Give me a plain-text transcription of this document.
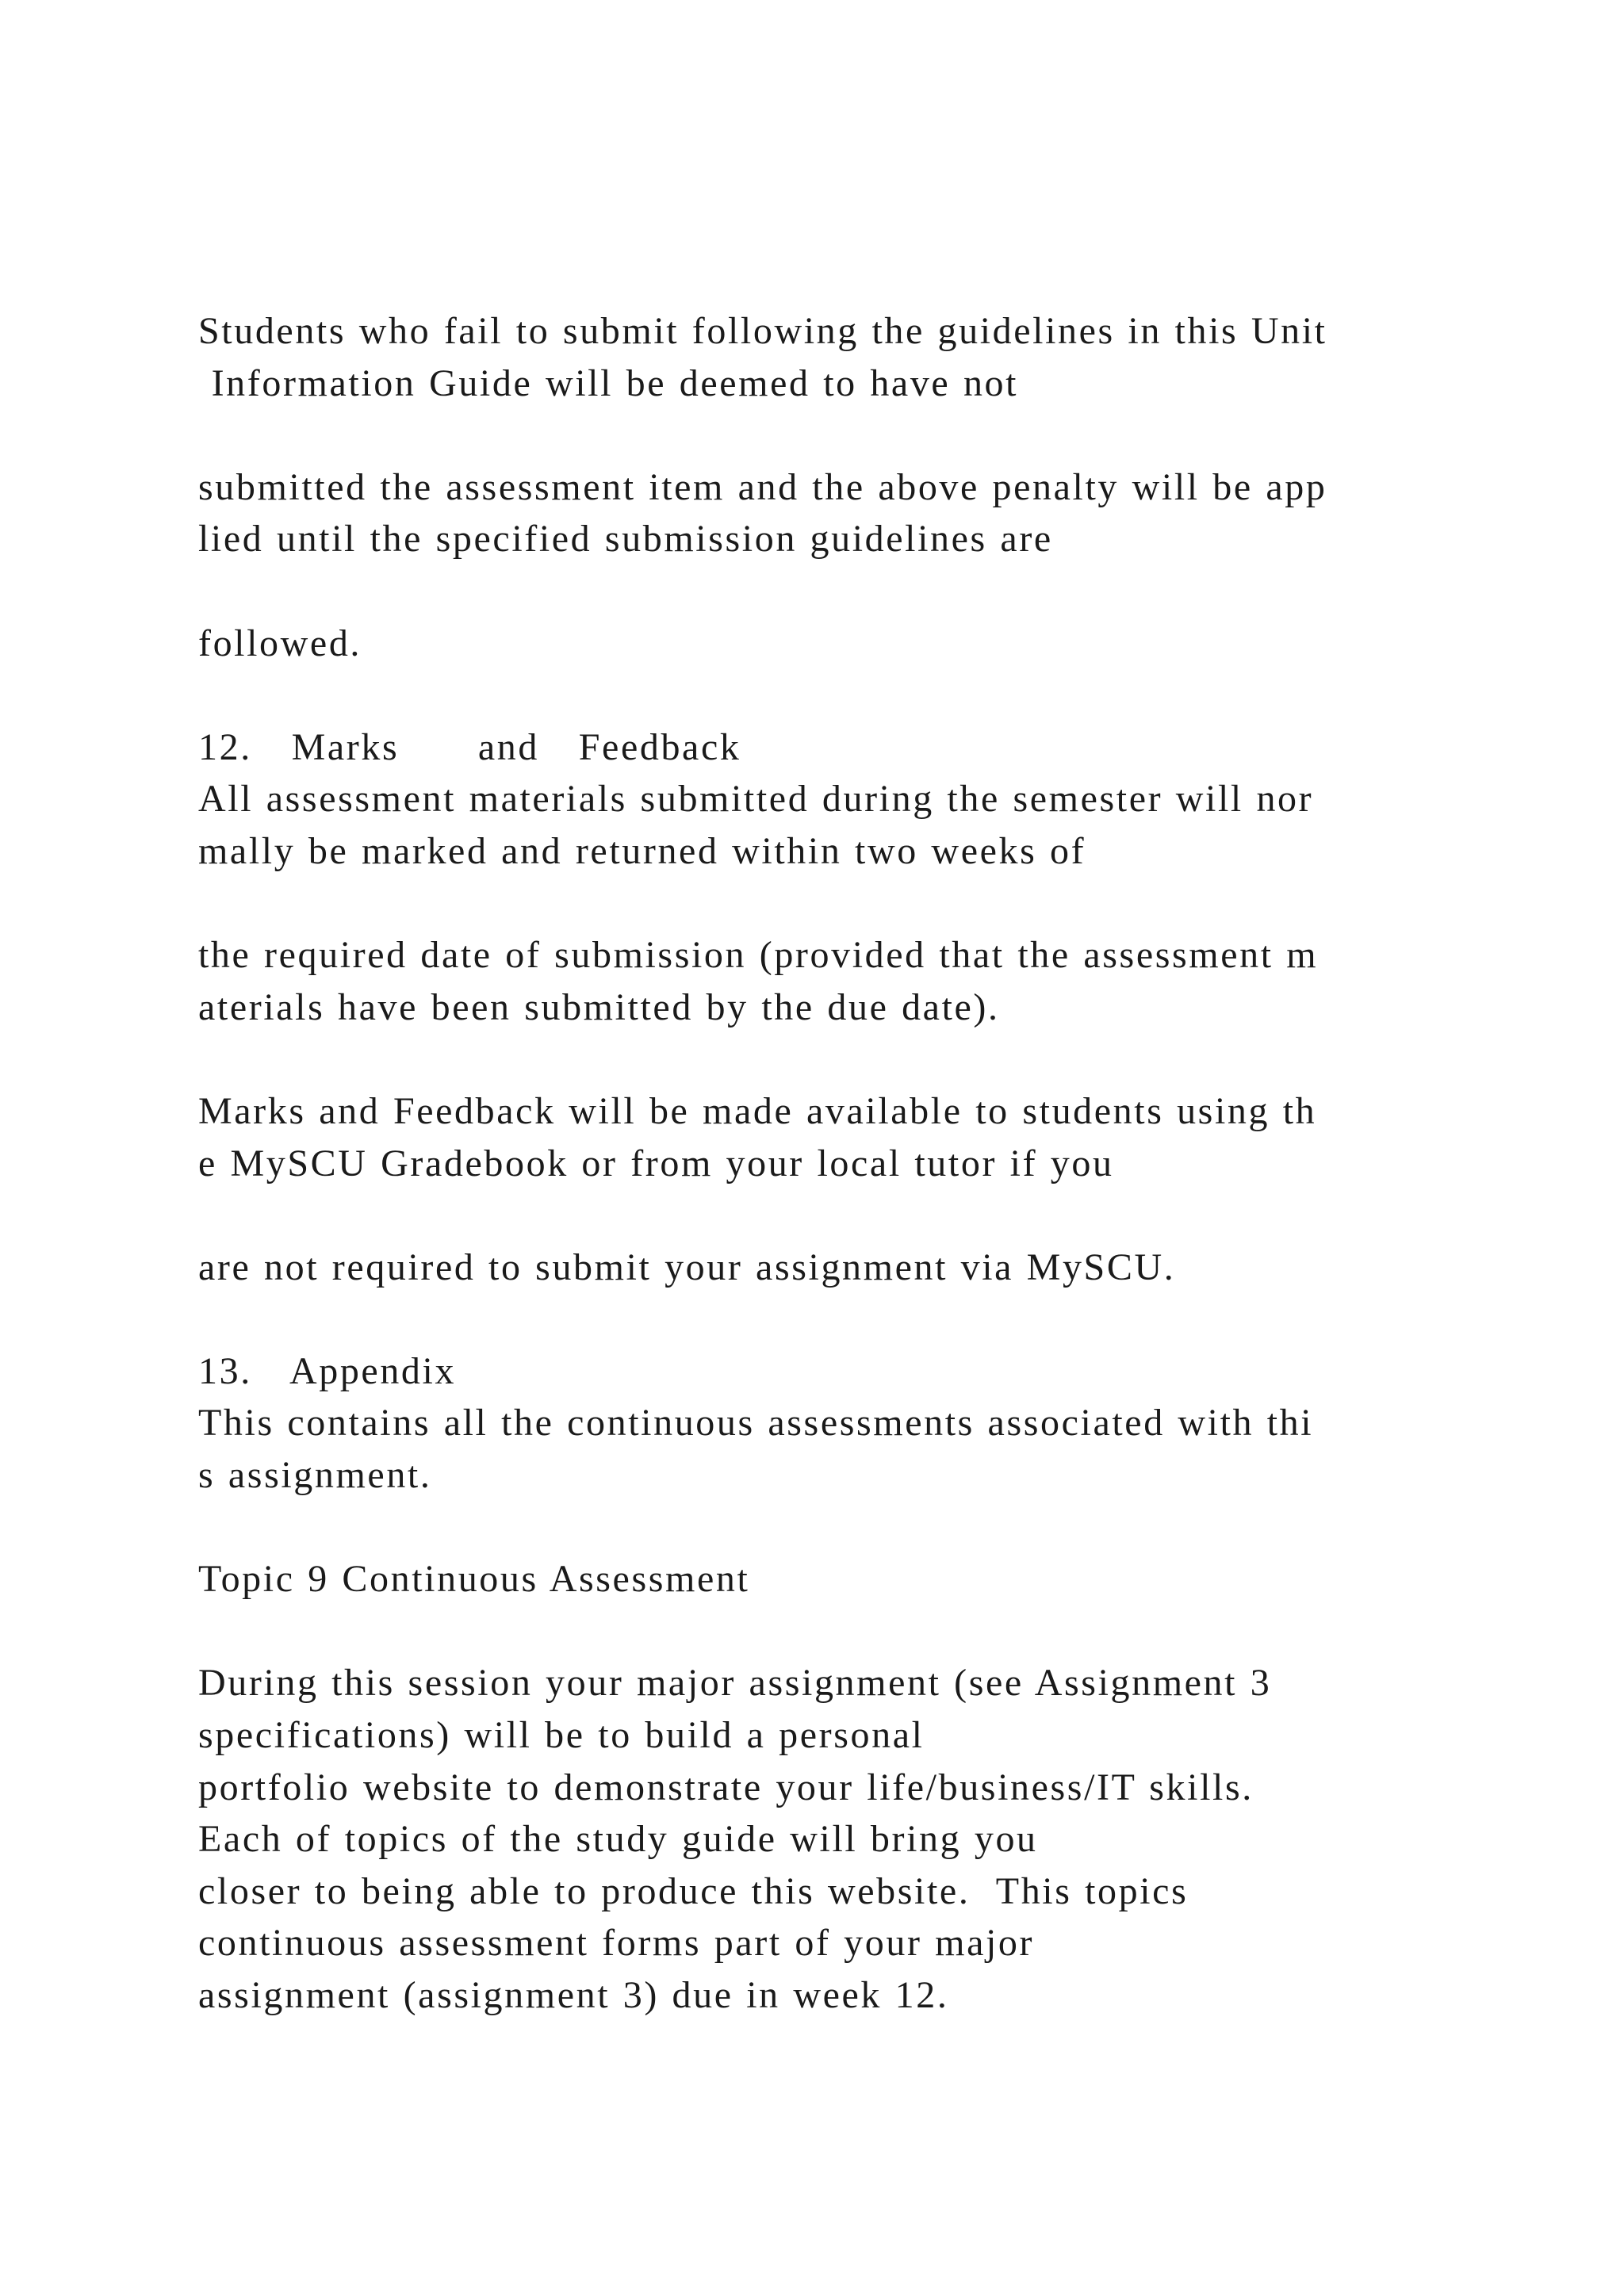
Students who fail to submit following the guidelines in this Unit
Information Guide will be deemed to have not
submitted the assessment item and the above penalty will be app
lied until the specified submission guidelines are
followed.
12.   Marks      and   Feedback
All assessment materials submitted during the semester will nor
mally be marked and returned within two weeks of
the required date of submission (provided that the assessment m
aterials have been submitted by the due date).
Marks and Feedback will be made available to students using th
e MySCU Gradebook or from your local tutor if you
are not required to submit your assignment via MySCU.
13.   Appendix
This contains all the continuous assessments associated with thi
s assignment.
Topic 9 Continuous Assessment
During this session your major assignment (see Assignment 3
specifications) will be to build a personal
portfolio website to demonstrate your life/business/IT skills.
Each of topics of the study guide will bring you
closer to being able to produce this website.  This topics
continuous assessment forms part of your major
assignment (assignment 3) due in week 12.
